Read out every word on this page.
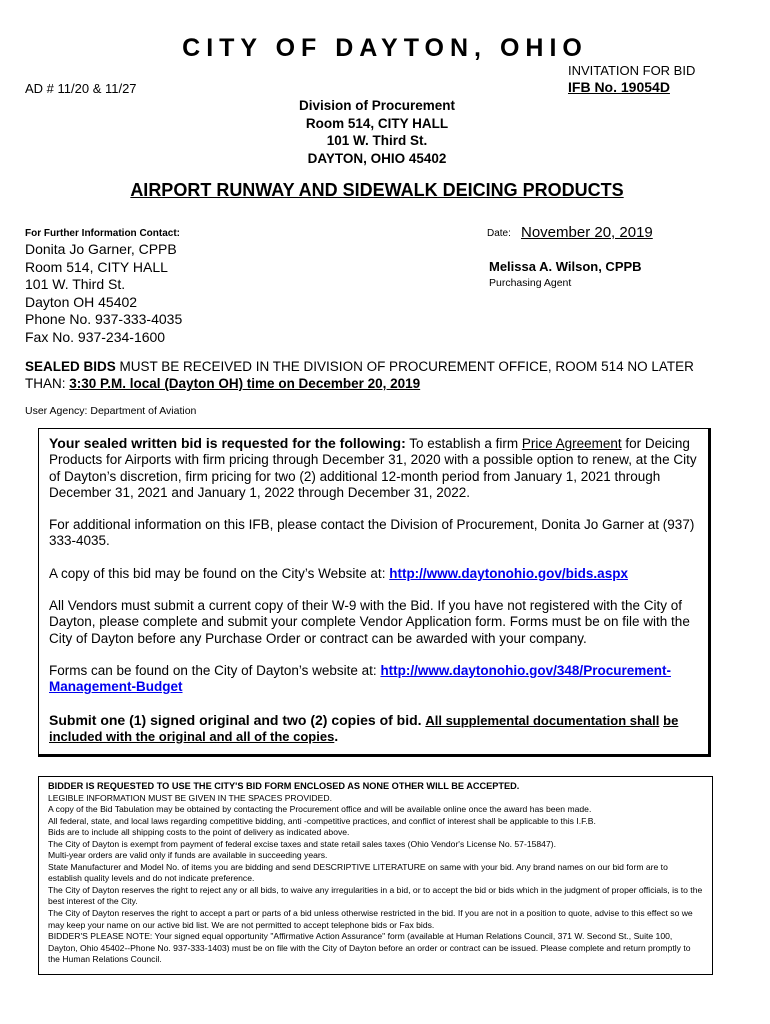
CITY OF DAYTON, OHIO
INVITATION FOR BID
IFB No. 19054D
AD # 11/20 & 11/27
Division of Procurement
Room 514, CITY HALL
101 W. Third St.
DAYTON, OHIO 45402
AIRPORT RUNWAY AND SIDEWALK DEICING PRODUCTS
For Further Information Contact:
Donita Jo Garner, CPPB
Room 514, CITY HALL
101 W. Third St.
Dayton OH 45402
Phone No. 937-333-4035
Fax No. 937-234-1600
Date: November 20, 2019
Melissa A. Wilson, CPPB
Purchasing Agent
SEALED BIDS MUST BE RECEIVED IN THE DIVISION OF PROCUREMENT OFFICE, ROOM 514 NO LATER THAN: 3:30 P.M. local (Dayton OH) time on December 20, 2019
User Agency: Department of Aviation

Your sealed written bid is requested for the following: To establish a firm Price Agreement for Deicing Products for Airports with firm pricing through December 31, 2020 with a possible option to renew, at the City of Dayton’s discretion, firm pricing for two (2) additional 12-month period from January 1, 2021 through December 31, 2021 and January 1, 2022 through December 31, 2022.

For additional information on this IFB, please contact the Division of Procurement, Donita Jo Garner at (937) 333-4035.

A copy of this bid may be found on the City’s Website at: http://www.daytonohio.gov/bids.aspx

All Vendors must submit a current copy of their W-9 with the Bid. If you have not registered with the City of Dayton, please complete and submit your complete Vendor Application form. Forms must be on file with the City of Dayton before any Purchase Order or contract can be awarded with your company.

Forms can be found on the City of Dayton’s website at: http://www.daytonohio.gov/348/Procurement-Management-Budget

Submit one (1) signed original and two (2) copies of bid. All supplemental documentation shall be included with the original and all of the copies.

BIDDER IS REQUESTED TO USE THE CITY'S BID FORM ENCLOSED AS NONE OTHER WILL BE ACCEPTED.
LEGIBLE INFORMATION MUST BE GIVEN IN THE SPACES PROVIDED.
A copy of the Bid Tabulation may be obtained by contacting the Procurement office and will be available online once the award has been made.
All federal, state, and local laws regarding competitive bidding, anti -competitive practices, and conflict of interest shall be applicable to this I.F.B.
Bids are to include all shipping costs to the point of delivery as indicated above.
The City of Dayton is exempt from payment of federal excise taxes and state retail sales taxes (Ohio Vendor's License No. 57-15847).
Multi-year orders are valid only if funds are available in succeeding years.
State Manufacturer and Model No. of items you are bidding and send DESCRIPTIVE LITERATURE on same with your bid. Any brand names on our bid form are to establish quality levels and do not indicate preference.
The City of Dayton reserves the right to reject any or all bids, to waive any irregularities in a bid, or to accept the bid or bids which in the judgment of proper officials, is to the best interest of the City.
The City of Dayton reserves the right to accept a part or parts of a bid unless otherwise restricted in the bid. If you are not in a position to quote, advise to this effect so we may keep your name on our active bid list. We are not permitted to accept telephone bids or Fax bids.
BIDDER'S PLEASE NOTE: Your signed equal opportunity "Affirmative Action Assurance" form (available at Human Relations Council, 371 W. Second St., Suite 100, Dayton, Ohio 45402--Phone No. 937-333-1403) must be on file with the City of Dayton before an order or contract can be issued. Please complete and return promptly to the Human Relations Council.
